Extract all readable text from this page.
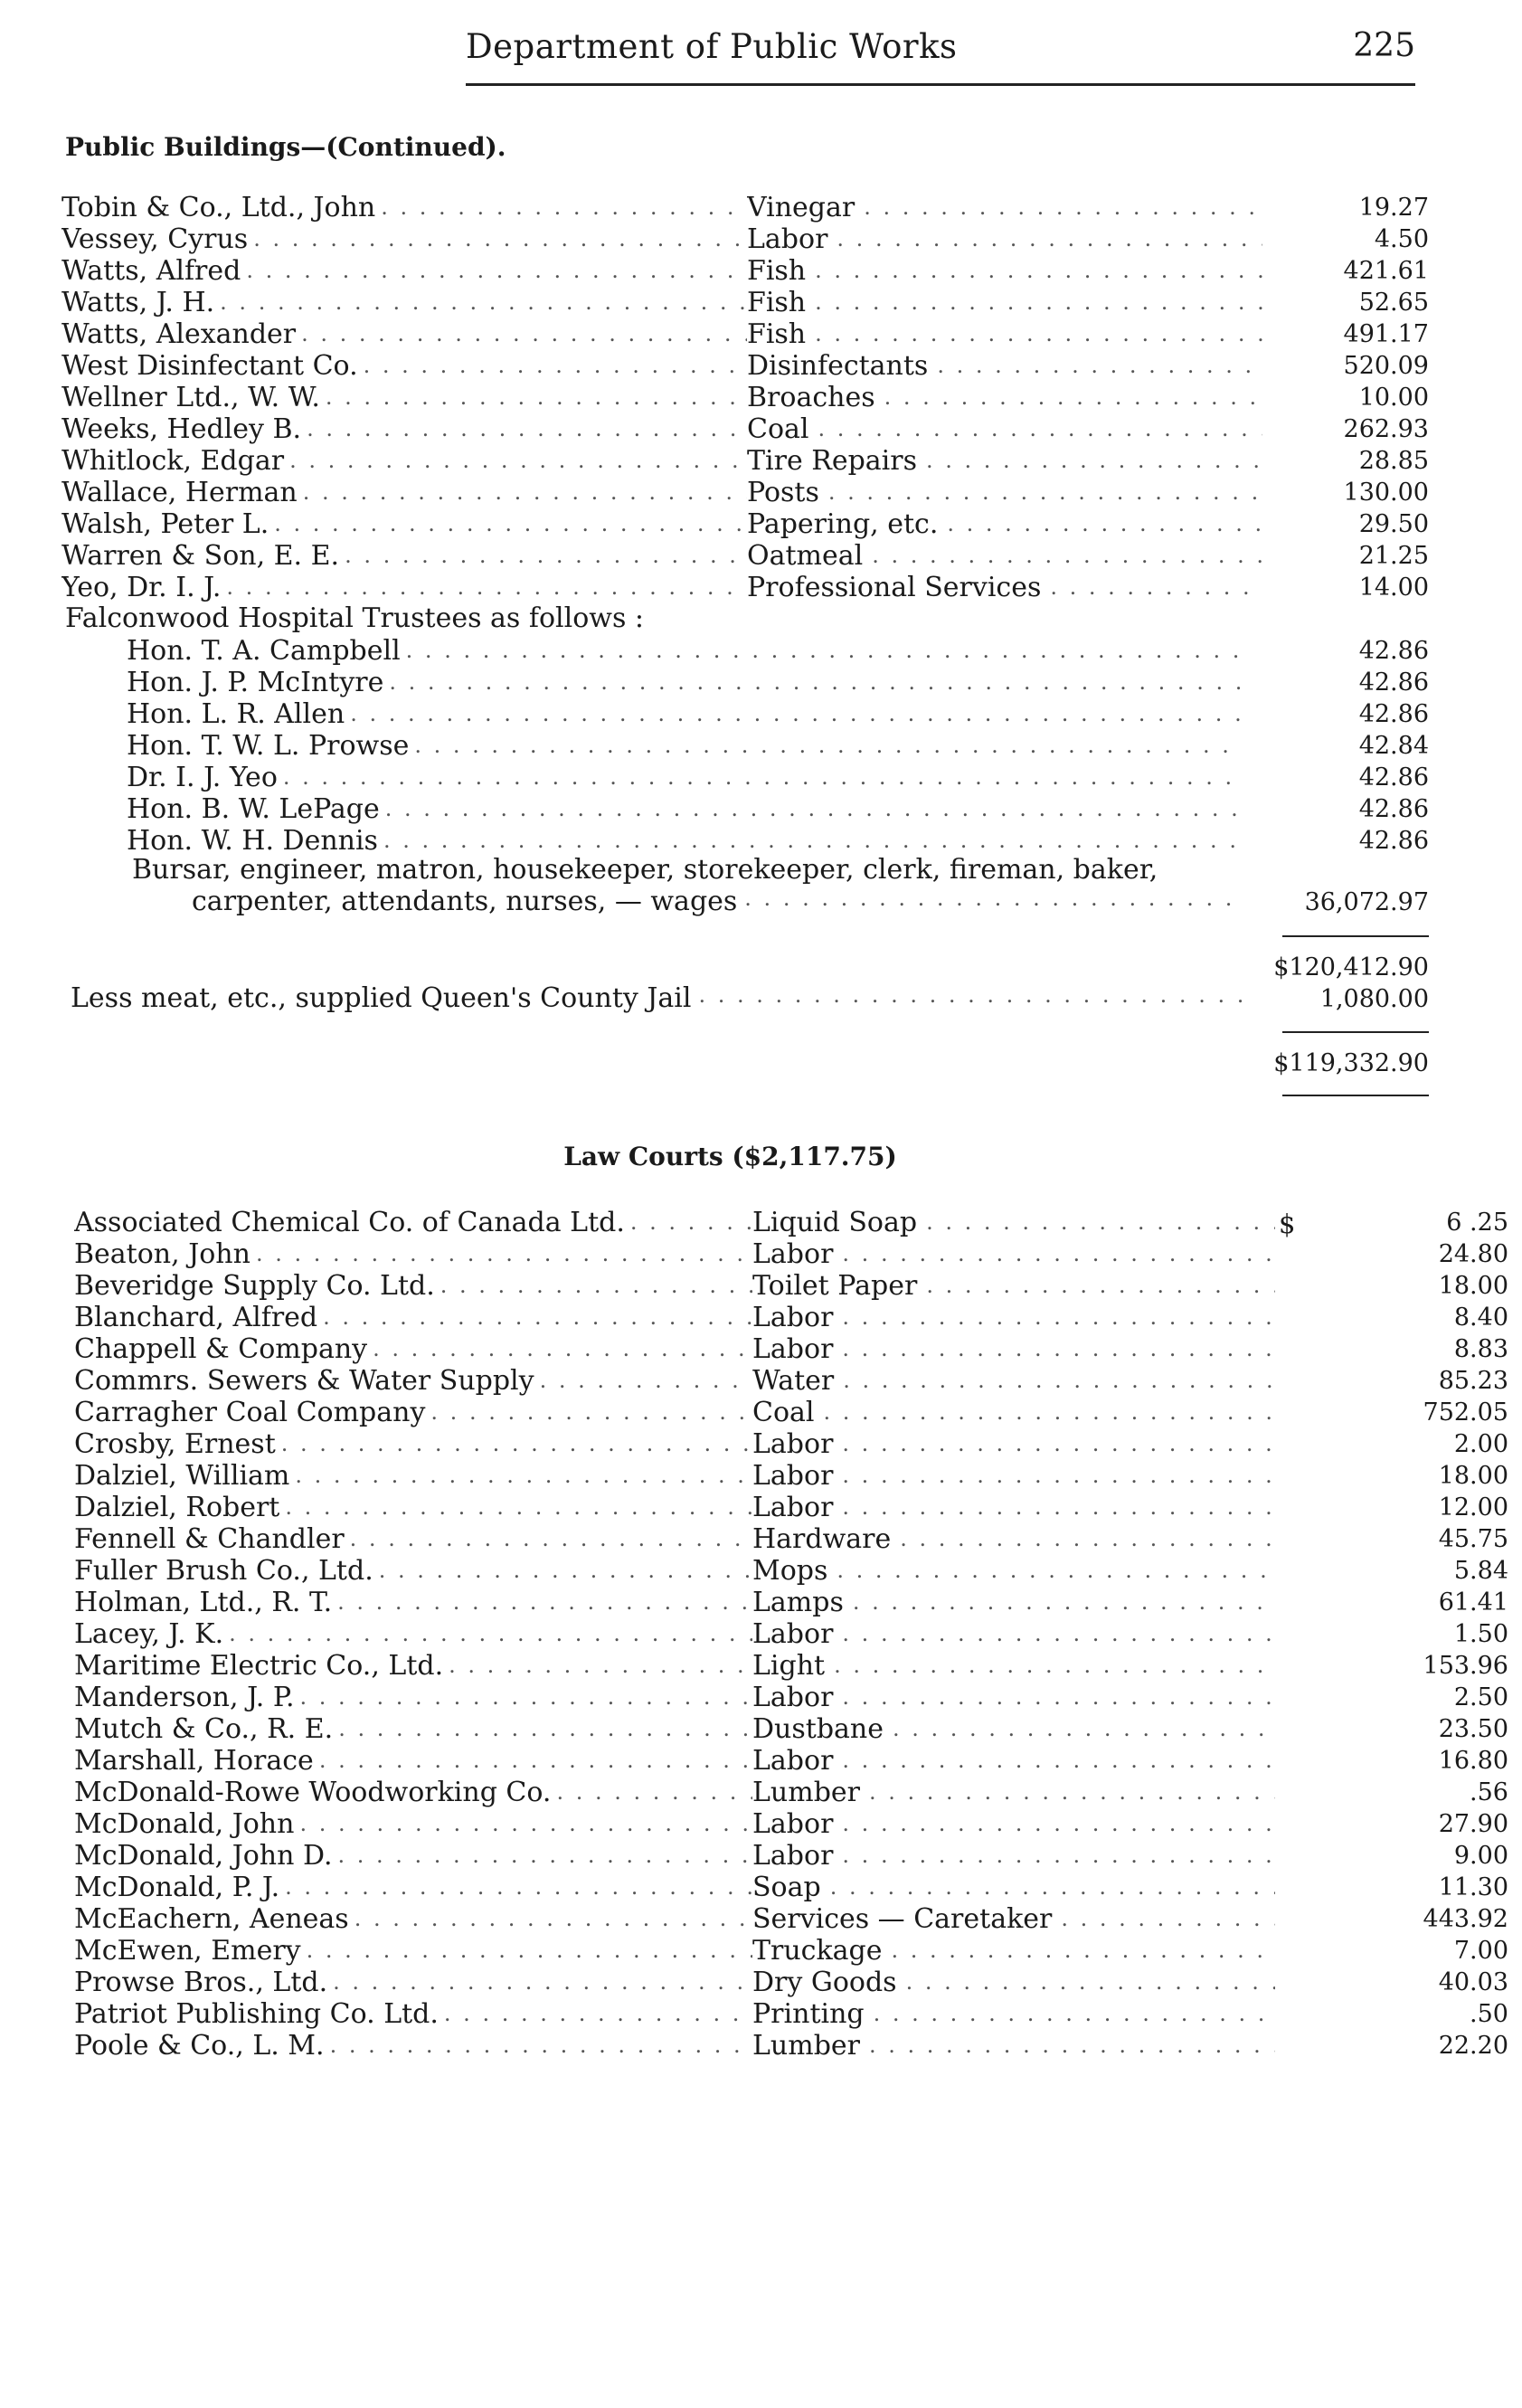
Department of Public Works	225
Public Buildings—(Continued).
Tobin & Co., Ltd., John . . .	Vinegar . . .	19.27
Vessey, Cyrus . . .	Labor . . .	4.50
Watts, Alfred . . .	Fish . . .	421.61
Watts, J. H. . . .	Fish . . .	52.65
Watts, Alexander . . .	Fish . . .	491.17
West Disinfectant Co. . . .	Disinfectants . . .	520.09
Wellner Ltd., W. W. . . .	Broaches . . .	10.00
Weeks, Hedley B. . . .	Coal . . .	262.93
Whitlock, Edgar . . .	Tire Repairs . . .	28.85
Wallace, Herman . . .	Posts . . .	130.00
Walsh, Peter L. . . .	Papering, etc. . . .	29.50
Warren & Son, E. E. . . .	Oatmeal . . .	21.25
Yeo, Dr. I. J. . . .	Professional Services . . .	14.00
Falconwood Hospital Trustees as follows :
Hon. T. A. Campbell . . .	42.86
Hon. J. P. McIntyre . . .	42.86
Hon. L. R. Allen . . .	42.86
Hon. T. W. L. Prowse . . .	42.84
Dr. I. J. Yeo . . .	42.86
Hon. B. W. LePage . . .	42.86
Hon. W. H. Dennis . . .	42.86
Bursar, engineer, matron, housekeeper, storekeeper, clerk, fireman, baker,
carpenter, attendants, nurses, — wages . . .	36,072.97
$120,412.90
Less meat, etc., supplied Queen's County Jail . . .	1,080.00
$119,332.90
Law Courts ($2,117.75)
$
Associated Chemical Co. of Canada Ltd. . . .	Liquid Soap . . .	6 .25
Beaton, John . . .	Labor . . .	24.80
Beveridge Supply Co. Ltd. . . .	Toilet Paper . . .	18.00
Blanchard, Alfred . . .	Labor . . .	8.40
Chappell & Company . . .	Labor . . .	8.83
Commrs. Sewers & Water Supply . . .	Water . . .	85.23
Carragher Coal Company . . .	Coal . . .	752.05
Crosby, Ernest . . .	Labor . . .	2.00
Dalziel, William . . .	Labor . . .	18.00
Dalziel, Robert . . .	Labor . . .	12.00
Fennell & Chandler . . .	Hardware . . .	45.75
Fuller Brush Co., Ltd. . . .	Mops . . .	5.84
Holman, Ltd., R. T. . . .	Lamps . . .	61.41
Lacey, J. K. . . .	Labor . . .	1.50
Maritime Electric Co., Ltd. . . .	Light . . .	153.96
Manderson, J. P. . . .	Labor . . .	2.50
Mutch & Co., R. E. . . .	Dustbane . . .	23.50
Marshall, Horace . . .	Labor . . .	16.80
McDonald-Rowe Woodworking Co. . . .	Lumber . . .	.56
McDonald, John . . .	Labor . . .	27.90
McDonald, John D. . . .	Labor . . .	9.00
McDonald, P. J. . . .	Soap . . .	11.30
McEachern, Aeneas . . .	Services — Caretaker . . .	443.92
McEwen, Emery . . .	Truckage . . .	7.00
Prowse Bros., Ltd. . . .	Dry Goods . . .	40.03
Patriot Publishing Co. Ltd. . . .	Printing . . .	.50
Poole & Co., L. M. . . .	Lumber . . .	22.20
